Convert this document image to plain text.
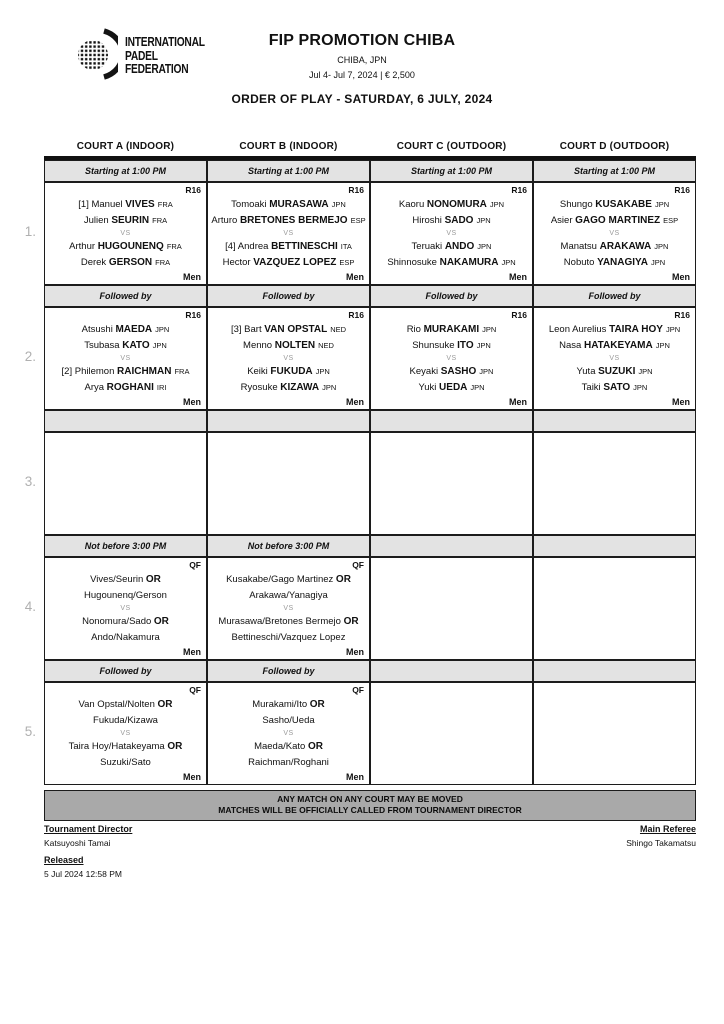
INTERNATIONAL
PADEL
FEDERATION
FIP PROMOTION CHIBA
CHIBA, JPN
Jul 4- Jul 7, 2024 | € 2,500
ORDER OF PLAY - SATURDAY, 6 JULY, 2024
COURT A (INDOOR)	COURT B (INDOOR)	COURT C (OUTDOOR)	COURT D (OUTDOOR)
Starting at 1:00 PM	Starting at 1:00 PM	Starting at 1:00 PM	Starting at 1:00 PM
R16
[1] Manuel VIVES FRA
Julien SEURIN FRA
VS
Arthur HUGOUNENQ FRA
Derek GERSON FRA
Men
R16
Tomoaki MURASAWA JPN
Arturo BRETONES BERMEJO ESP
VS
[4] Andrea BETTINESCHI ITA
Hector VAZQUEZ LOPEZ ESP
Men
R16
Kaoru NONOMURA JPN
Hiroshi SADO JPN
VS
Teruaki ANDO JPN
Shinnosuke NAKAMURA JPN
Men
R16
Shungo KUSAKABE JPN
Asier GAGO MARTINEZ ESP
VS
Manatsu ARAKAWA JPN
Nobuto YANAGIYA JPN
Men
Followed by	Followed by	Followed by	Followed by
R16
Atsushi MAEDA JPN
Tsubasa KATO JPN
VS
[2] Philemon RAICHMAN FRA
Arya ROGHANI IRI
Men
R16
[3] Bart VAN OPSTAL NED
Menno NOLTEN NED
VS
Keiki FUKUDA JPN
Ryosuke KIZAWA JPN
Men
R16
Rio MURAKAMI JPN
Shunsuke ITO JPN
VS
Keyaki SASHO JPN
Yuki UEDA JPN
Men
R16
Leon Aurelius TAIRA HOY JPN
Nasa HATAKEYAMA JPN
VS
Yuta SUZUKI JPN
Taiki SATO JPN
Men
Not before 3:00 PM	Not before 3:00 PM
QF
Vives/Seurin OR
Hugounenq/Gerson
VS
Nonomura/Sado OR
Ando/Nakamura
Men
QF
Kusakabe/Gago Martinez OR
Arakawa/Yanagiya
VS
Murasawa/Bretones Bermejo OR
Bettineschi/Vazquez Lopez
Men
Followed by	Followed by
QF
Van Opstal/Nolten OR
Fukuda/Kizawa
VS
Taira Hoy/Hatakeyama OR
Suzuki/Sato
Men
QF
Murakami/Ito OR
Sasho/Ueda
VS
Maeda/Kato OR
Raichman/Roghani
Men
1.
2.
3.
4.
5.
ANY MATCH ON ANY COURT MAY BE MOVED
MATCHES WILL BE OFFICIALLY CALLED FROM TOURNAMENT DIRECTOR
Tournament Director
Katsuyoshi Tamai
Released
5 Jul 2024 12:58 PM
Main Referee
Shingo Takamatsu
